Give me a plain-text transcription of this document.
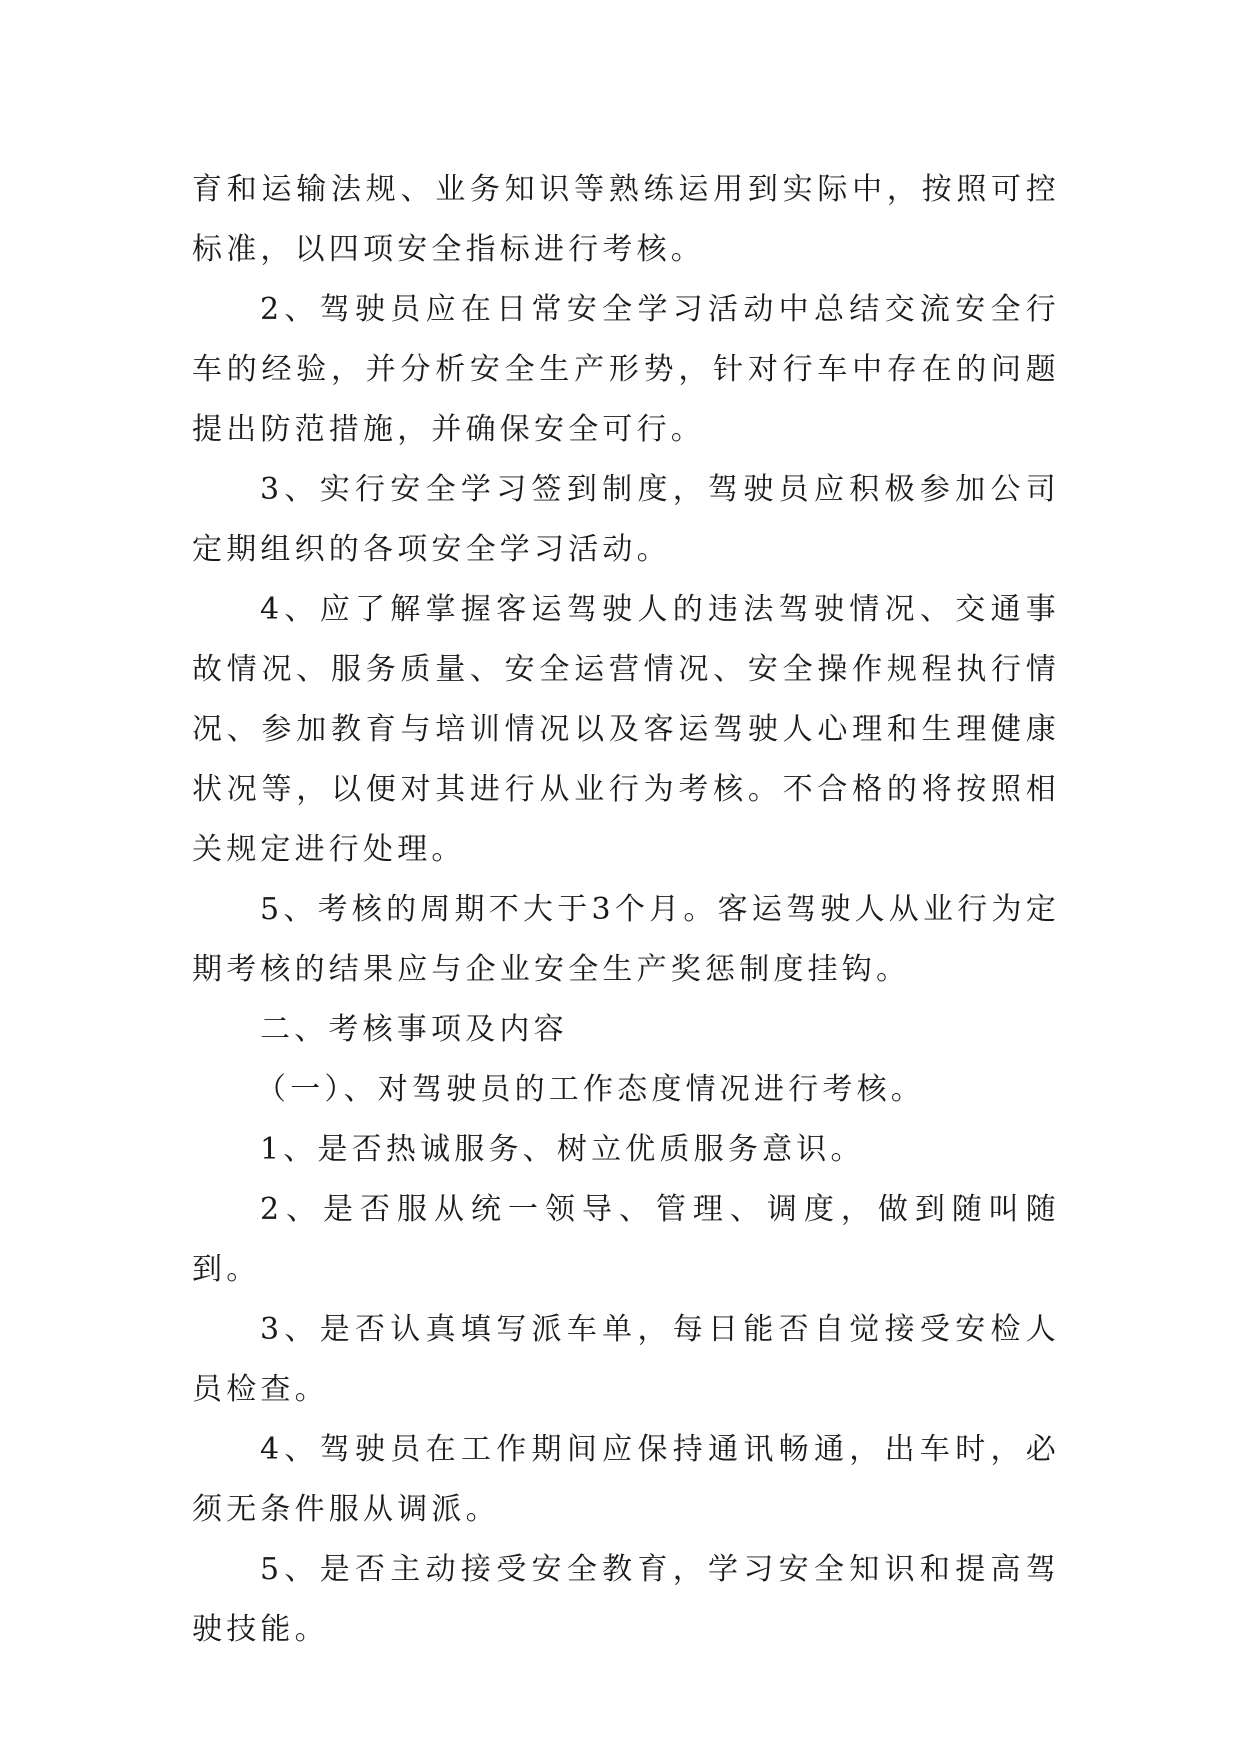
育和运输法规、业务知识等熟练运用到实际中，按照可控标准，以四项安全指标进行考核。

2、驾驶员应在日常安全学习活动中总结交流安全行车的经验，并分析安全生产形势，针对行车中存在的问题提出防范措施，并确保安全可行。

3、实行安全学习签到制度，驾驶员应积极参加公司定期组织的各项安全学习活动。

4、应了解掌握客运驾驶人的违法驾驶情况、交通事故情况、服务质量、安全运营情况、安全操作规程执行情况、参加教育与培训情况以及客运驾驶人心理和生理健康状况等，以便对其进行从业行为考核。不合格的将按照相关规定进行处理。

5、考核的周期不大于3个月。客运驾驶人从业行为定期考核的结果应与企业安全生产奖惩制度挂钩。

二、考核事项及内容

（一）、对驾驶员的工作态度情况进行考核。

1、是否热诚服务、树立优质服务意识。

2、是否服从统一领导、管理、调度，做到随叫随到。

3、是否认真填写派车单，每日能否自觉接受安检人员检查。

4、驾驶员在工作期间应保持通讯畅通，出车时，必须无条件服从调派。

5、是否主动接受安全教育，学习安全知识和提高驾驶技能。
